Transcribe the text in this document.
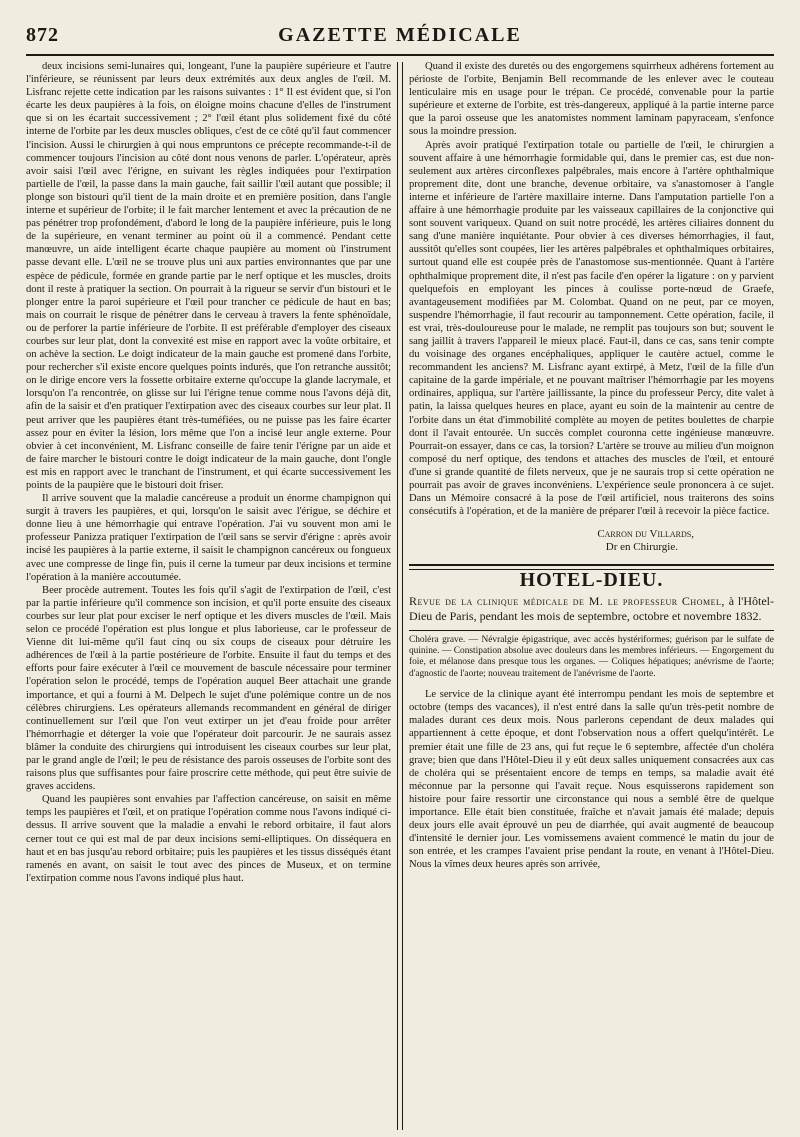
872	GAZETTE MÉDICALE

deux incisions semi-lunaires qui, longeant, l'une la paupière supérieure et l'autre l'inférieure, se réunissent par leurs deux extrémités aux deux angles de l'œil. M. Lisfranc rejette cette indication par les raisons suivantes : 1° Il est évident que, si l'on écarte les deux paupières à la fois, on éloigne moins chacune d'elles de l'instrument que si on les écartait successivement ; 2° l'œil étant plus solidement fixé du côté interne de l'orbite par les deux muscles obliques, c'est de ce côté qu'il faut commencer l'incision. Aussi le chirurgien à qui nous empruntons ce précepte recommande-t-il de commencer toujours l'incision au côté dont nous venons de parler. L'opérateur, après avoir saisi l'œil avec l'érigne, en suivant les règles indiquées pour l'extirpation partielle de l'œil, la passe dans la main gauche, fait saillir l'œil autant que possible; il plonge son bistouri qu'il tient de la main droite et en première position, dans l'angle interne et supérieur de l'orbite; il le fait marcher lentement et avec la précaution de ne pas pénétrer trop profondément, d'abord le long de la paupière inférieure, puis le long de la supérieure, en venant terminer au point où il a commencé. Pendant cette manœuvre, un aide intelligent écarte chaque paupière au moment où l'instrument passe devant elle. L'œil ne se trouve plus uni aux parties environnantes que par une espèce de pédicule, formée en grande partie par le nerf optique et les muscles, droits dont il reste à pratiquer la section. On pourrait à la rigueur se servir d'un bistouri et le plonger entre la paroi supérieure et l'œil pour trancher ce pédicule de haut en bas; mais on courrait le risque de pénétrer dans le cerveau à travers la fente sphénoïdale, ou de perforer la partie inférieure de l'orbite. Il est préférable d'employer des ciseaux courbes sur leur plat, dont la convexité est mise en rapport avec la voûte orbitaire, et on achève la section. Le doigt indicateur de la main gauche est promené dans l'orbite, pour rechercher s'il existe encore quelques points indurés, que l'on retranche aussitôt; on le dirige encore vers la fossette orbitaire externe qu'occupe la glande lacrymale, et lorsqu'on l'a rencontrée, on glisse sur lui l'érigne tenue comme nous l'avons déjà dit, afin de la saisir et d'en pratiquer l'extirpation avec des ciseaux courbes sur leur plat. Il peut arriver que les paupières étant très-tuméfiées, ou ne puisse pas les faire écarter assez pour en éviter la lésion, lors même que l'on a incisé leur angle externe. Pour obvier à cet inconvénient, M. Lisfranc conseille de faire tenir l'érigne par un aide et de faire marcher le bistouri contre le doigt indicateur de la main gauche, dont l'ongle est mis en rapport avec le tranchant de l'instrument, et qui écarte successivement les points de la paupière que le bistouri doit friser.

Il arrive souvent que la maladie cancéreuse a produit un énorme champignon qui surgit à travers les paupières, et qui, lorsqu'on le saisit avec l'érigue, se déchire et donne lieu à une hémorrhagie qui entrave l'opération. J'ai vu souvent mon ami le professeur Panizza pratiquer l'extirpation de l'œil sans se servir d'érigne : après avoir incisé les paupières à la partie externe, il saisit le champignon cancéreux ou fongueux avec une compresse de linge fin, puis il cerne la tumeur par deux incisions et termine l'opération à la manière accoutumée.

Beer procède autrement. Toutes les fois qu'il s'agit de l'extirpation de l'œil, c'est par la partie inférieure qu'il commence son incision, et qu'il porte ensuite des ciseaux courbes sur leur plat pour exciser le nerf optique et les divers muscles de l'œil. Mais selon ce procédé l'opération est plus longue et plus laborieuse, car le professeur de Vienne dit lui-même qu'il faut cinq ou six coups de ciseaux pour détruire les adhérences de l'œil à la partie postérieure de l'orbite. Ensuite il faut du temps et des efforts pour faire exécuter à l'œil ce mouvement de bascule nécessaire pour terminer l'opération selon le procédé, temps de l'opération auquel Beer attachait une grande importance, et qui a fourni à M. Delpech le sujet d'une polémique contre un de nos célèbres chirurgiens. Les opérateurs allemands recommandent en général de diriger continuellement sur l'œil que l'on veut extirper un jet d'eau froide pour arrêter l'hémorrhagie et déterger la voie que l'opérateur doit parcourir. Je ne saurais assez blâmer la conduite des chirurgiens qui introduisent les ciseaux courbes sur leur plat, par le grand angle de l'œil; le peu de résistance des parois osseuses de l'orbite sont des raisons plus que suffisantes pour faire proscrire cette méthode, qui peut être suivie de graves accidens.

Quand les paupières sont envahies par l'affection cancéreuse, on saisit en même temps les paupières et l'œil, et on pratique l'opération comme nous l'avons indiqué ci-dessus. Il arrive souvent que la maladie a envahi le rebord orbitaire, il faut alors cerner tout ce qui est mal de par deux incisions semi-elliptiques. On disséquera en haut et en bas jusqu'au rebord orbitaire; puis les paupières et les tissus disséqués étant ramenés en avant, on saisit le tout avec des pinces de Museux, et on termine l'extirpation comme nous l'avons indiqué plus haut.

Quand il existe des duretés ou des engorgemens squirrheux adhérens fortement au périoste de l'orbite, Benjamin Bell recommande de les enlever avec le couteau lenticulaire mis en usage pour le trépan. Ce procédé, convenable pour la partie supérieure et externe de l'orbite, est très-dangereux, appliqué à la partie interne parce que la paroi osseuse que les anatomistes nomment laminam papyraceam, s'enfonce sous la moindre pression.

Après avoir pratiqué l'extirpation totale ou partielle de l'œil, le chirurgien a souvent affaire à une hémorrhagie formidable qui, dans le premier cas, est due non-seulement aux artères circonflexes palpébrales, mais encore à l'artère ophthalmique proprement dite, dont une branche, devenue orbitaire, va s'anastomoser à l'angle interne et inférieure de l'artère maxillaire interne. Dans l'amputation partielle l'on a affaire à une hémorrhagie produite par les vaisseaux capillaires de la conjonctive qui sont souvent variqueux. Quand on suit notre procédé, les artères ciliaires donnent du sang d'une manière inquiétante. Pour obvier à ces diverses hémorrhagies, il faut, aussitôt qu'elles sont coupées, lier les artères palpébrales et ophthalmiques orbitaires, surtout quand elle est coupée près de l'anastomose sus-mentionnée. Quant à l'artère ophthalmique proprement dite, il n'est pas facile d'en opérer la ligature : on y parvient quelquefois en employant les pinces à coulisse porte-nœud de Graefe, avantageusement modifiées par M. Colombat. Quand on ne peut, par ce moyen, suspendre l'hémorrhagie, il faut recourir au tamponnement. Cette opération, facile, il est vrai, très-douloureuse pour le malade, ne remplit pas toujours son but; souvent le sang jaillit à travers l'appareil le mieux placé. Faut-il, dans ce cas, sans tenir compte du voisinage des organes encéphaliques, appliquer le cautère actuel, comme le recommandent les anciens? M. Lisfranc ayant extirpé, à Metz, l'œil de la fille d'un capitaine de la garde impériale, et ne pouvant maîtriser l'hémorrhagie par les moyens ordinaires, appliqua, sur l'artère jaillissante, la pince du professeur Percy, dite valet à patin, la laissa quelques heures en place, ayant eu soin de la maintenir au centre de l'orbite dans un état d'immobilité complète au moyen de petites boulettes de charpie dont il l'avait entourée. Un succès complet couronna cette ingénieuse manœuvre. Pourrait-on essayer, dans ce cas, la torsion? L'artère se trouve au milieu d'un moignon composé du nerf optique, des tendons et attaches des muscles de l'œil, et entouré d'une si grande quantité de filets nerveux, que je ne saurais trop si cette opération ne pourrait pas avoir de graves inconvéniens. L'expérience seule prononcera à ce sujet. Dans un Mémoire consacré à la pose de l'œil artificiel, nous traiterons des soins consécutifs à l'opération, et de la manière de préparer l'œil à recevoir la pièce factice.

Carron du Villards,
Dr en Chirurgie.
HOTEL-DIEU.
Revue de la clinique médicale de M. le professeur Chomel, à l'Hôtel-Dieu de Paris, pendant les mois de septembre, octobre et novembre 1832.
Choléra grave. — Névralgie épigastrique, avec accès hystériformes; guérison par le sulfate de quinine. — Constipation absolue avec douleurs dans les membres inférieurs. — Engorgement du foie, et mélanose dans presque tous les organes. — Coliques hépatiques; anévrisme de l'aorte; d'agnostic de l'aorte; nouveau traitement de l'anévrisme de l'aorte.

Le service de la clinique ayant été interrompu pendant les mois de septembre et octobre (temps des vacances), il n'est entré dans la salle qu'un très-petit nombre de malades durant ces deux mois. Nous parlerons cependant de deux malades qui appartiennent à cette époque, et dont l'observation nous a offert quelqu'intérêt. Le premier était une fille de 23 ans, qui fut reçue le 6 septembre, affectée d'un choléra grave; bien que dans l'Hôtel-Dieu il y eût deux salles uniquement consacrées aux cas de choléra qui se présentaient encore de temps en temps, sa maladie avait été méconnue par la personne qui l'avait reçue. Nous esquisserons rapidement son histoire pour faire ressortir une circonstance qui nous a semblé être de quelque importance. Elle était bien constituée, fraîche et n'avait jamais été malade; depuis deux jours elle avait éprouvé un peu de diarrhée, qui avait augmenté de beaucoup d'intensité le dernier jour. Les vomissemens avaient commencé le matin du jour de son entrée, et les crampes l'avaient prise pendant la route, en venant à l'Hôtel-Dieu. Nous la vîmes deux heures après son arrivée,
